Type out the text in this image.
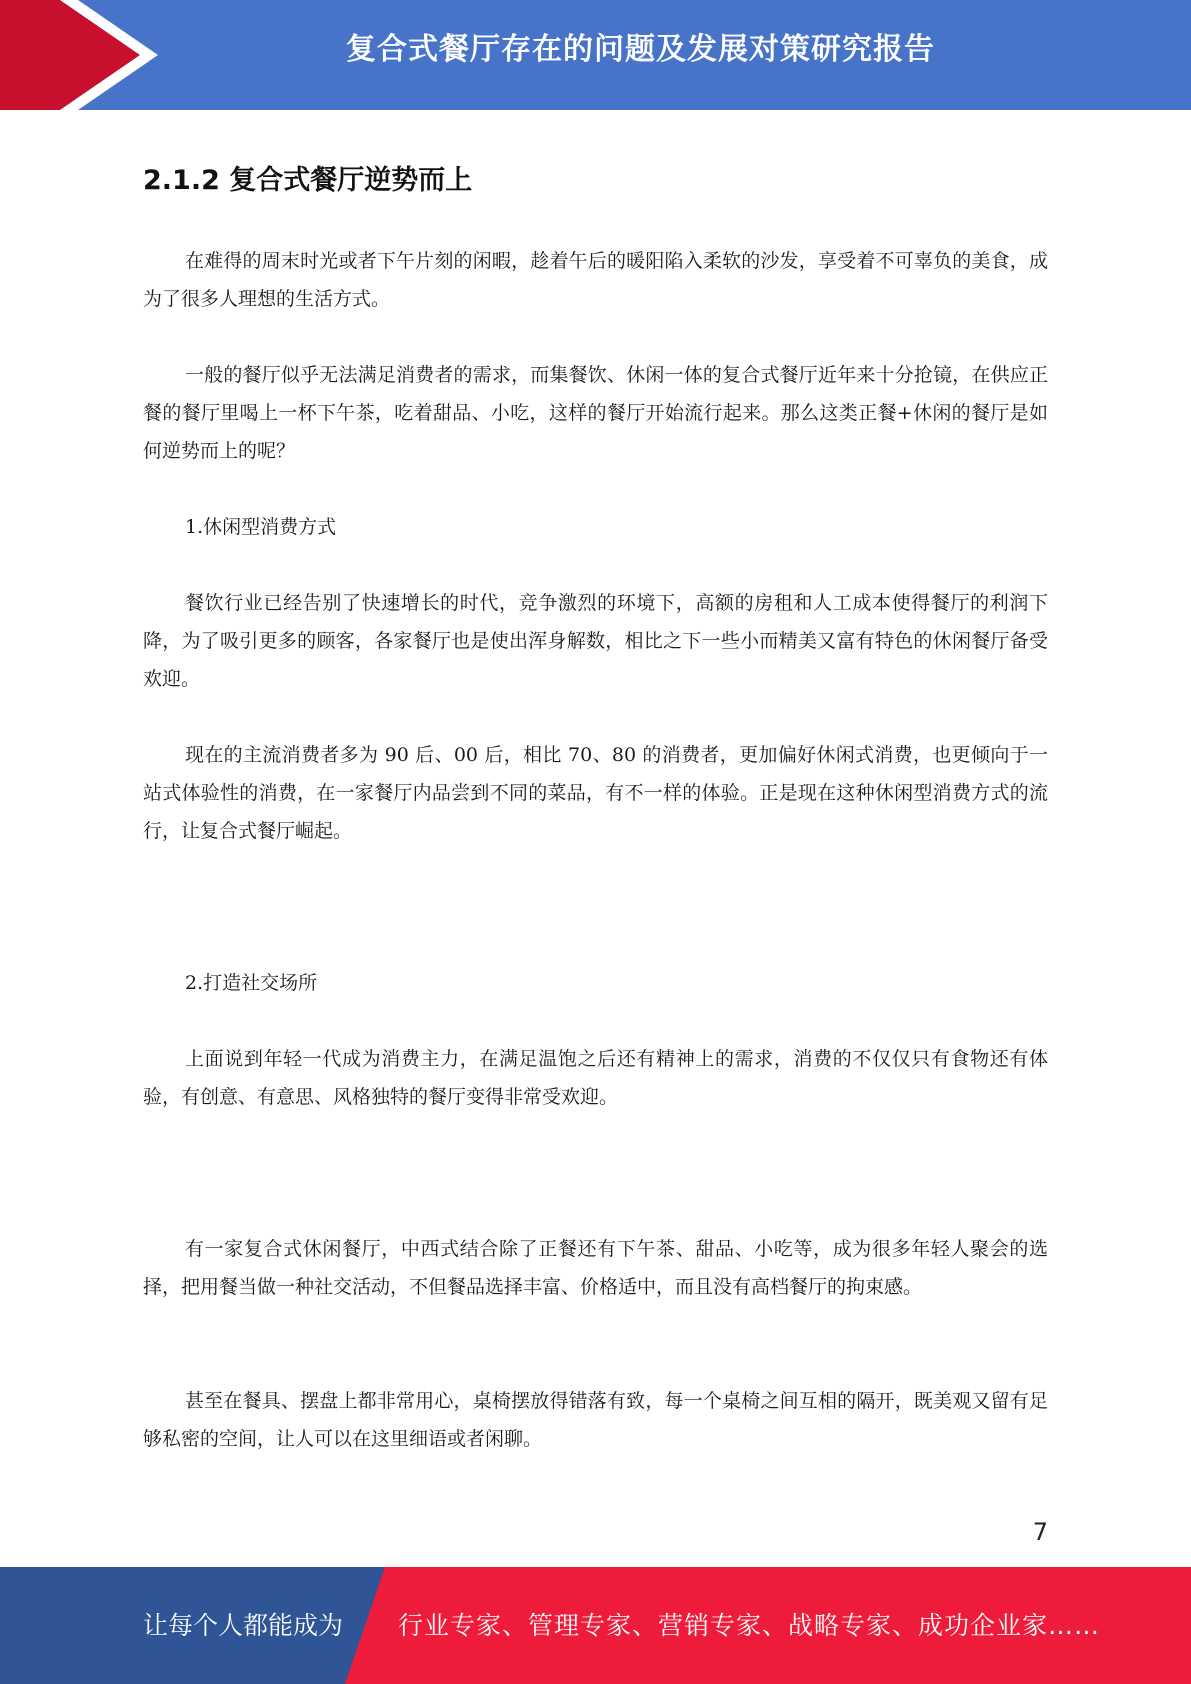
复合式餐厅存在的问题及发展对策研究报告
2.1.2 复合式餐厅逆势而上

在难得的周末时光或者下午片刻的闲暇，趁着午后的暖阳陷入柔软的沙发，享受着不可辜负的美食，成为了很多人理想的生活方式。

一般的餐厅似乎无法满足消费者的需求，而集餐饮、休闲一体的复合式餐厅近年来十分抢镜，在供应正餐的餐厅里喝上一杯下午茶，吃着甜品、小吃，这样的餐厅开始流行起来。那么这类正餐+休闲的餐厅是如何逆势而上的呢？

1.休闲型消费方式

餐饮行业已经告别了快速增长的时代，竞争激烈的环境下，高额的房租和人工成本使得餐厅的利润下降，为了吸引更多的顾客，各家餐厅也是使出浑身解数，相比之下一些小而精美又富有特色的休闲餐厅备受欢迎。

现在的主流消费者多为 90 后、00 后，相比 70、80 的消费者，更加偏好休闲式消费，也更倾向于一站式体验性的消费，在一家餐厅内品尝到不同的菜品，有不一样的体验。正是现在这种休闲型消费方式的流行，让复合式餐厅崛起。

2.打造社交场所

上面说到年轻一代成为消费主力，在满足温饱之后还有精神上的需求，消费的不仅仅只有食物还有体验，有创意、有意思、风格独特的餐厅变得非常受欢迎。

有一家复合式休闲餐厅，中西式结合除了正餐还有下午茶、甜品、小吃等，成为很多年轻人聚会的选择，把用餐当做一种社交活动，不但餐品选择丰富、价格适中，而且没有高档餐厅的拘束感。

甚至在餐具、摆盘上都非常用心，桌椅摆放得错落有致，每一个桌椅之间互相的隔开，既美观又留有足够私密的空间，让人可以在这里细语或者闲聊。

7
让每个人都能成为 行业专家、管理专家、营销专家、战略专家、成功企业家……
